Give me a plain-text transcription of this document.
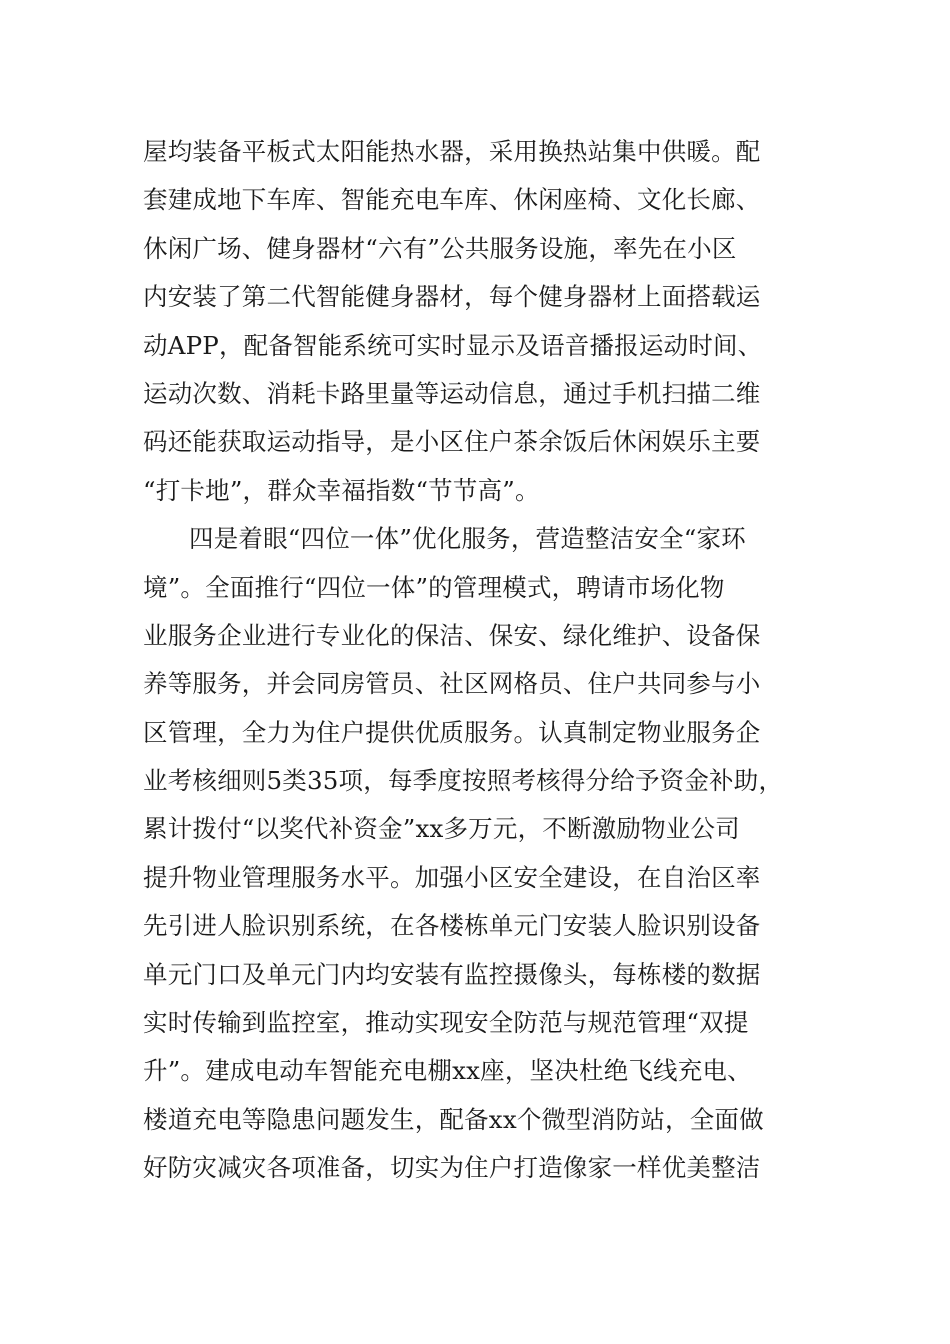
屋均装备平板式太阳能热水器，采用换热站集中供暖。配
套建成地下车库、智能充电车库、休闲座椅、文化长廊、
休闲广场、健身器材“六有”公共服务设施，率先在小区
内安装了第二代智能健身器材，每个健身器材上面搭载运
动APP，配备智能系统可实时显示及语音播报运动时间、
运动次数、消耗卡路里量等运动信息，通过手机扫描二维
码还能获取运动指导，是小区住户茶余饭后休闲娱乐主要
“打卡地”，群众幸福指数“节节高”。
四是着眼“四位一体”优化服务，营造整洁安全“家环
境”。全面推行“四位一体”的管理模式，聘请市场化物
业服务企业进行专业化的保洁、保安、绿化维护、设备保
养等服务，并会同房管员、社区网格员、住户共同参与小
区管理，全力为住户提供优质服务。认真制定物业服务企
业考核细则5类35项，每季度按照考核得分给予资金补助，
累计拨付“以奖代补资金”xx多万元，不断激励物业公司
提升物业管理服务水平。加强小区安全建设，在自治区率
先引进人脸识别系统，在各楼栋单元门安装人脸识别设备
单元门口及单元门内均安装有监控摄像头，每栋楼的数据
实时传输到监控室，推动实现安全防范与规范管理“双提
升”。建成电动车智能充电棚xx座，坚决杜绝飞线充电、
楼道充电等隐患问题发生，配备xx个微型消防站，全面做
好防灾减灾各项准备，切实为住户打造像家一样优美整洁
